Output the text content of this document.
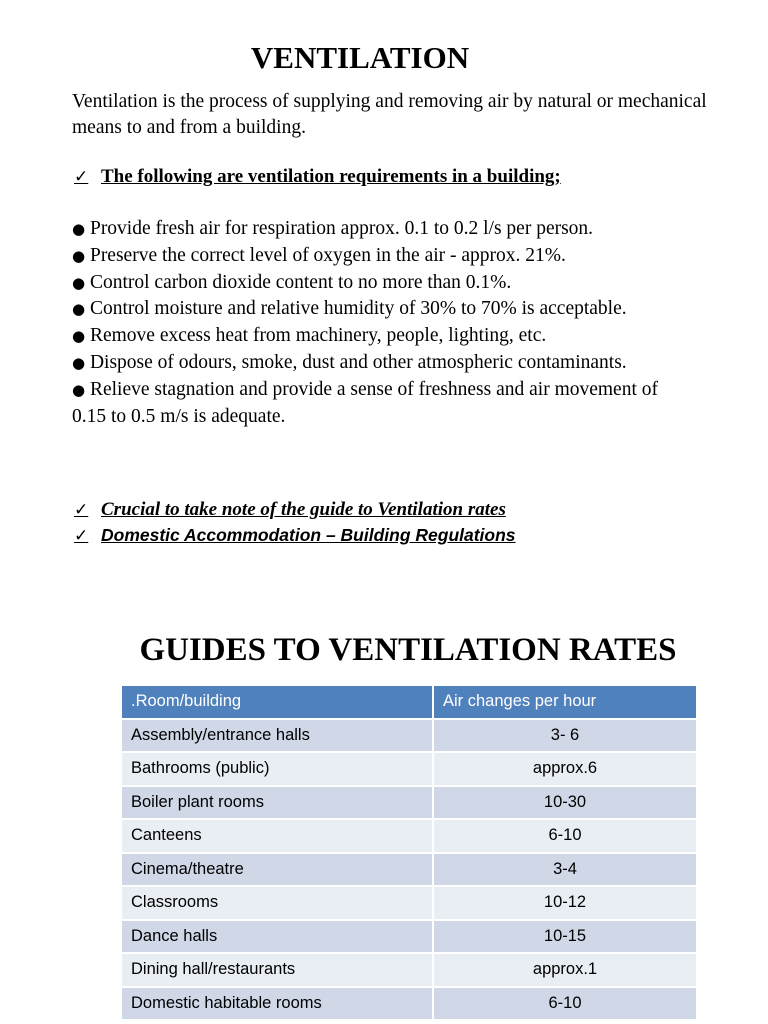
VENTILATION

Ventilation is the process of supplying and removing air by natural or mechanical means to and from a building.

✓ The following are ventilation requirements in a building;
● Provide fresh air for respiration approx. 0.1 to 0.2 l/s per person.
● Preserve the correct level of oxygen in the air - approx. 21%.
● Control carbon dioxide content to no more than 0.1%.
● Control moisture and relative humidity of 30% to 70% is acceptable.
● Remove excess heat from machinery, people, lighting, etc.
● Dispose of odours, smoke, dust and other atmospheric contaminants.
● Relieve stagnation and provide a sense of freshness and air movement of 0.15 to 0.5 m/s is adequate.
✓ Crucial to take note of the guide to Ventilation rates
✓ Domestic Accommodation – Building Regulations
GUIDES TO VENTILATION RATES
.Room/building	Air changes per hour
Assembly/entrance halls	3- 6
Bathrooms (public)	approx.6
Boiler plant rooms	10-30
Canteens	6-10
Cinema/theatre	3-4
Classrooms	10-12
Dance halls	10-15
Dining hall/restaurants	approx.1
Domestic habitable rooms	6-10
